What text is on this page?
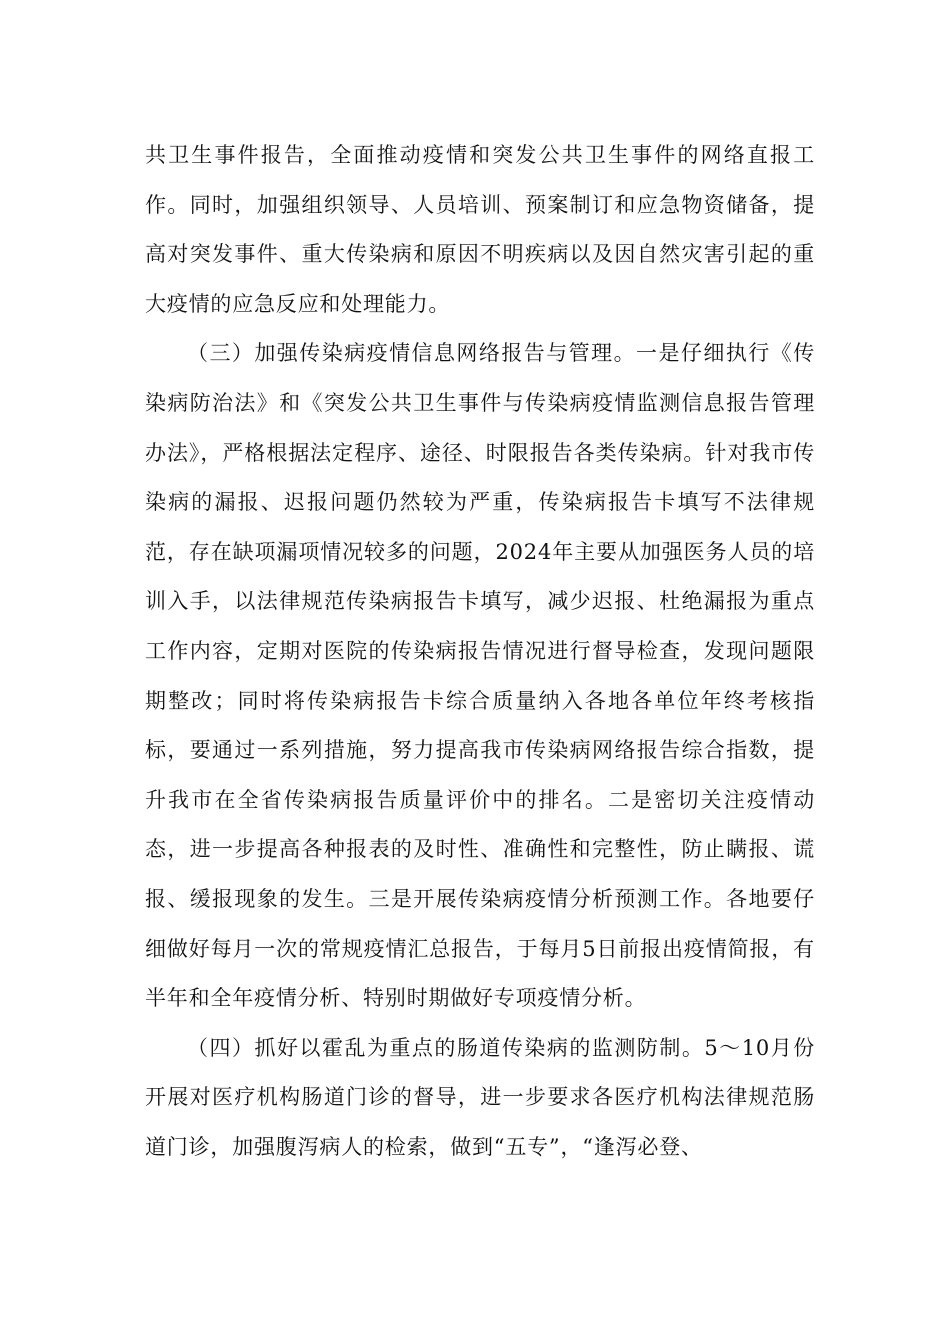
共卫生事件报告，全面推动疫情和突发公共卫生事件的网络直报工作。同时，加强组织领导、人员培训、预案制订和应急物资储备，提高对突发事件、重大传染病和原因不明疾病以及因自然灾害引起的重大疫情的应急反应和处理能力。

（三）加强传染病疫情信息网络报告与管理。一是仔细执行《传染病防治法》和《突发公共卫生事件与传染病疫情监测信息报告管理办法》，严格根据法定程序、途径、时限报告各类传染病。针对我市传染病的漏报、迟报问题仍然较为严重，传染病报告卡填写不法律规范，存在缺项漏项情况较多的问题，2024年主要从加强医务人员的培训入手，以法律规范传染病报告卡填写，减少迟报、杜绝漏报为重点工作内容，定期对医院的传染病报告情况进行督导检查，发现问题限期整改；同时将传染病报告卡综合质量纳入各地各单位年终考核指标，要通过一系列措施，努力提高我市传染病网络报告综合指数，提升我市在全省传染病报告质量评价中的排名。二是密切关注疫情动态，进一步提高各种报表的及时性、准确性和完整性，防止瞒报、谎报、缓报现象的发生。三是开展传染病疫情分析预测工作。各地要仔细做好每月一次的常规疫情汇总报告，于每月5日前报出疫情简报，有半年和全年疫情分析、特别时期做好专项疫情分析。

（四）抓好以霍乱为重点的肠道传染病的监测防制。5～10月份开展对医疗机构肠道门诊的督导，进一步要求各医疗机构法律规范肠道门诊，加强腹泻病人的检索，做到“五专”，“逢泻必登、
